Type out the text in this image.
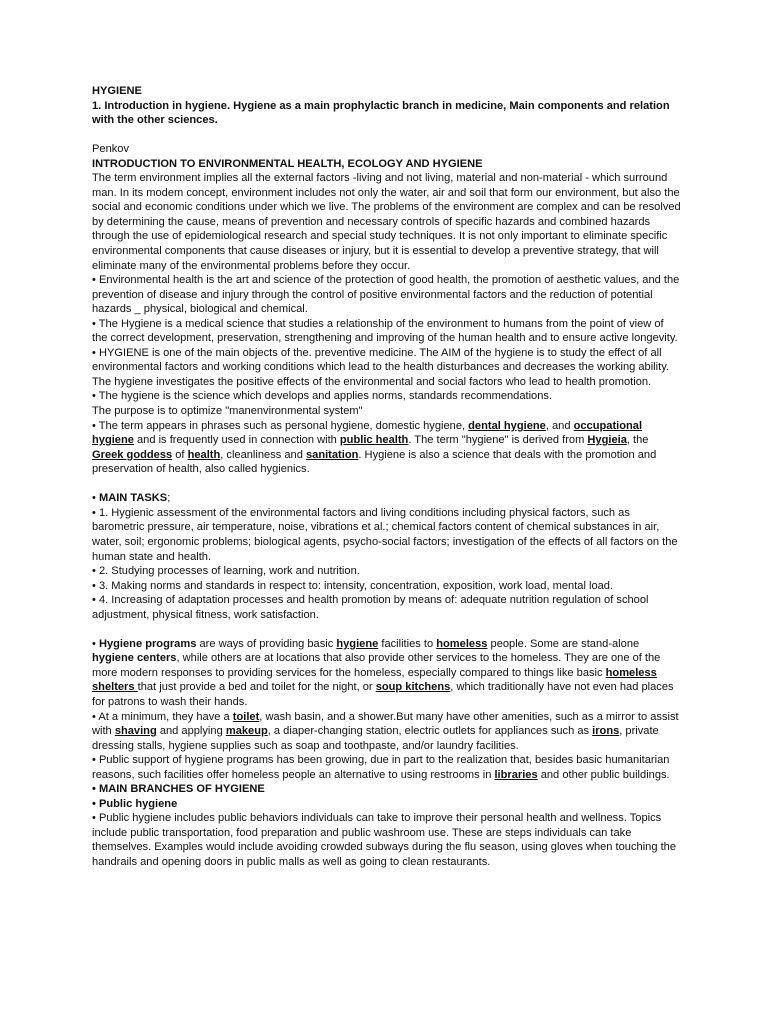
HYGIENE

1. Introduction in hygiene. Hygiene as a main prophylactic branch in medicine, Main components and relation with the other sciences.

Penkov

INTRODUCTION TO ENVIRONMENTAL HEALTH, ECOLOGY AND HYGIENE

The term environment implies all the external factors -living and not living, material and non-material - which surround man. In its modem concept, environment includes not only the water, air and soil that form our environment, but also the social and economic conditions under which we live. The problems of the environment are complex and can be resolved by determining the cause, means of prevention and necessary controls of specific hazards and combined hazards through the use of epidemiological research and special study techniques. It is not only important to eliminate specific environmental components that cause diseases or injury, but it is essential to develop a preventive strategy, that will eliminate many of the environmental problems before they occur.

• Environmental health is the art and science of the protection of good health, the promotion of aesthetic values, and the prevention of disease and injury through the control of positive environmental factors and the reduction of potential hazards _ physical, biological and chemical.

• The Hygiene is a medical science that studies a relationship of the environment to humans from the point of view of the correct development, preservation, strengthening and improving of the human health and to ensure active longevity.

• HYGIENE is one of the main objects of the. preventive medicine. The AIM of the hygiene is to study the effect of all environmental factors and working conditions which lead to the health disturbances and decreases the working ability. The hygiene investigates the positive effects of the environmental and social factors who lead to health promotion.

• The hygiene is the science which develops and applies norms, standards recommendations.

The purpose is to optimize "manenvironmental system"

• The term appears in phrases such as personal hygiene, domestic hygiene, dental hygiene, and occupational hygiene and is frequently used in connection with public health. The term "hygiene" is derived from Hygieia, the Greek goddess of health, cleanliness and sanitation. Hygiene is also a science that deals with the promotion and preservation of health, also called hygienics.

• MAIN TASKS;

• 1. Hygienic assessment of the environmental factors and living conditions including physical factors, such as barometric pressure, air temperature, noise, vibrations et al.; chemical factors content of chemical substances in air, water, soil; ergonomic problems; biological agents, psycho-social factors; investigation of the effects of all factors on the human state and health.

• 2. Studying processes of learning, work and nutrition.

• 3. Making norms and standards in respect to: intensity, concentration, exposition, work load, mental load.

• 4. Increasing of adaptation processes and health promotion by means of: adequate nutrition regulation of school adjustment, physical fitness, work satisfaction.

• Hygiene programs are ways of providing basic hygiene facilities to homeless people. Some are stand-alone hygiene centers, while others are at locations that also provide other services to the homeless. They are one of the more modern responses to providing services for the homeless, especially compared to things like basic homeless shelters that just provide a bed and toilet for the night, or soup kitchens, which traditionally have not even had places for patrons to wash their hands.

• At a minimum, they have a toilet, wash basin, and a shower.But many have other amenities, such as a mirror to assist with shaving and applying makeup, a diaper-changing station, electric outlets for appliances such as irons, private dressing stalls, hygiene supplies such as soap and toothpaste, and/or laundry facilities.

• Public support of hygiene programs has been growing, due in part to the realization that, besides basic humanitarian reasons, such facilities offer homeless people an alternative to using restrooms in libraries and other public buildings.

• MAIN BRANCHES OF HYGIENE

• Public hygiene

• Public hygiene includes public behaviors individuals can take to improve their personal health and wellness. Topics include public transportation, food preparation and public washroom use. These are steps individuals can take themselves. Examples would include avoiding crowded subways during the flu season, using gloves when touching the handrails and opening doors in public malls as well as going to clean restaurants.
